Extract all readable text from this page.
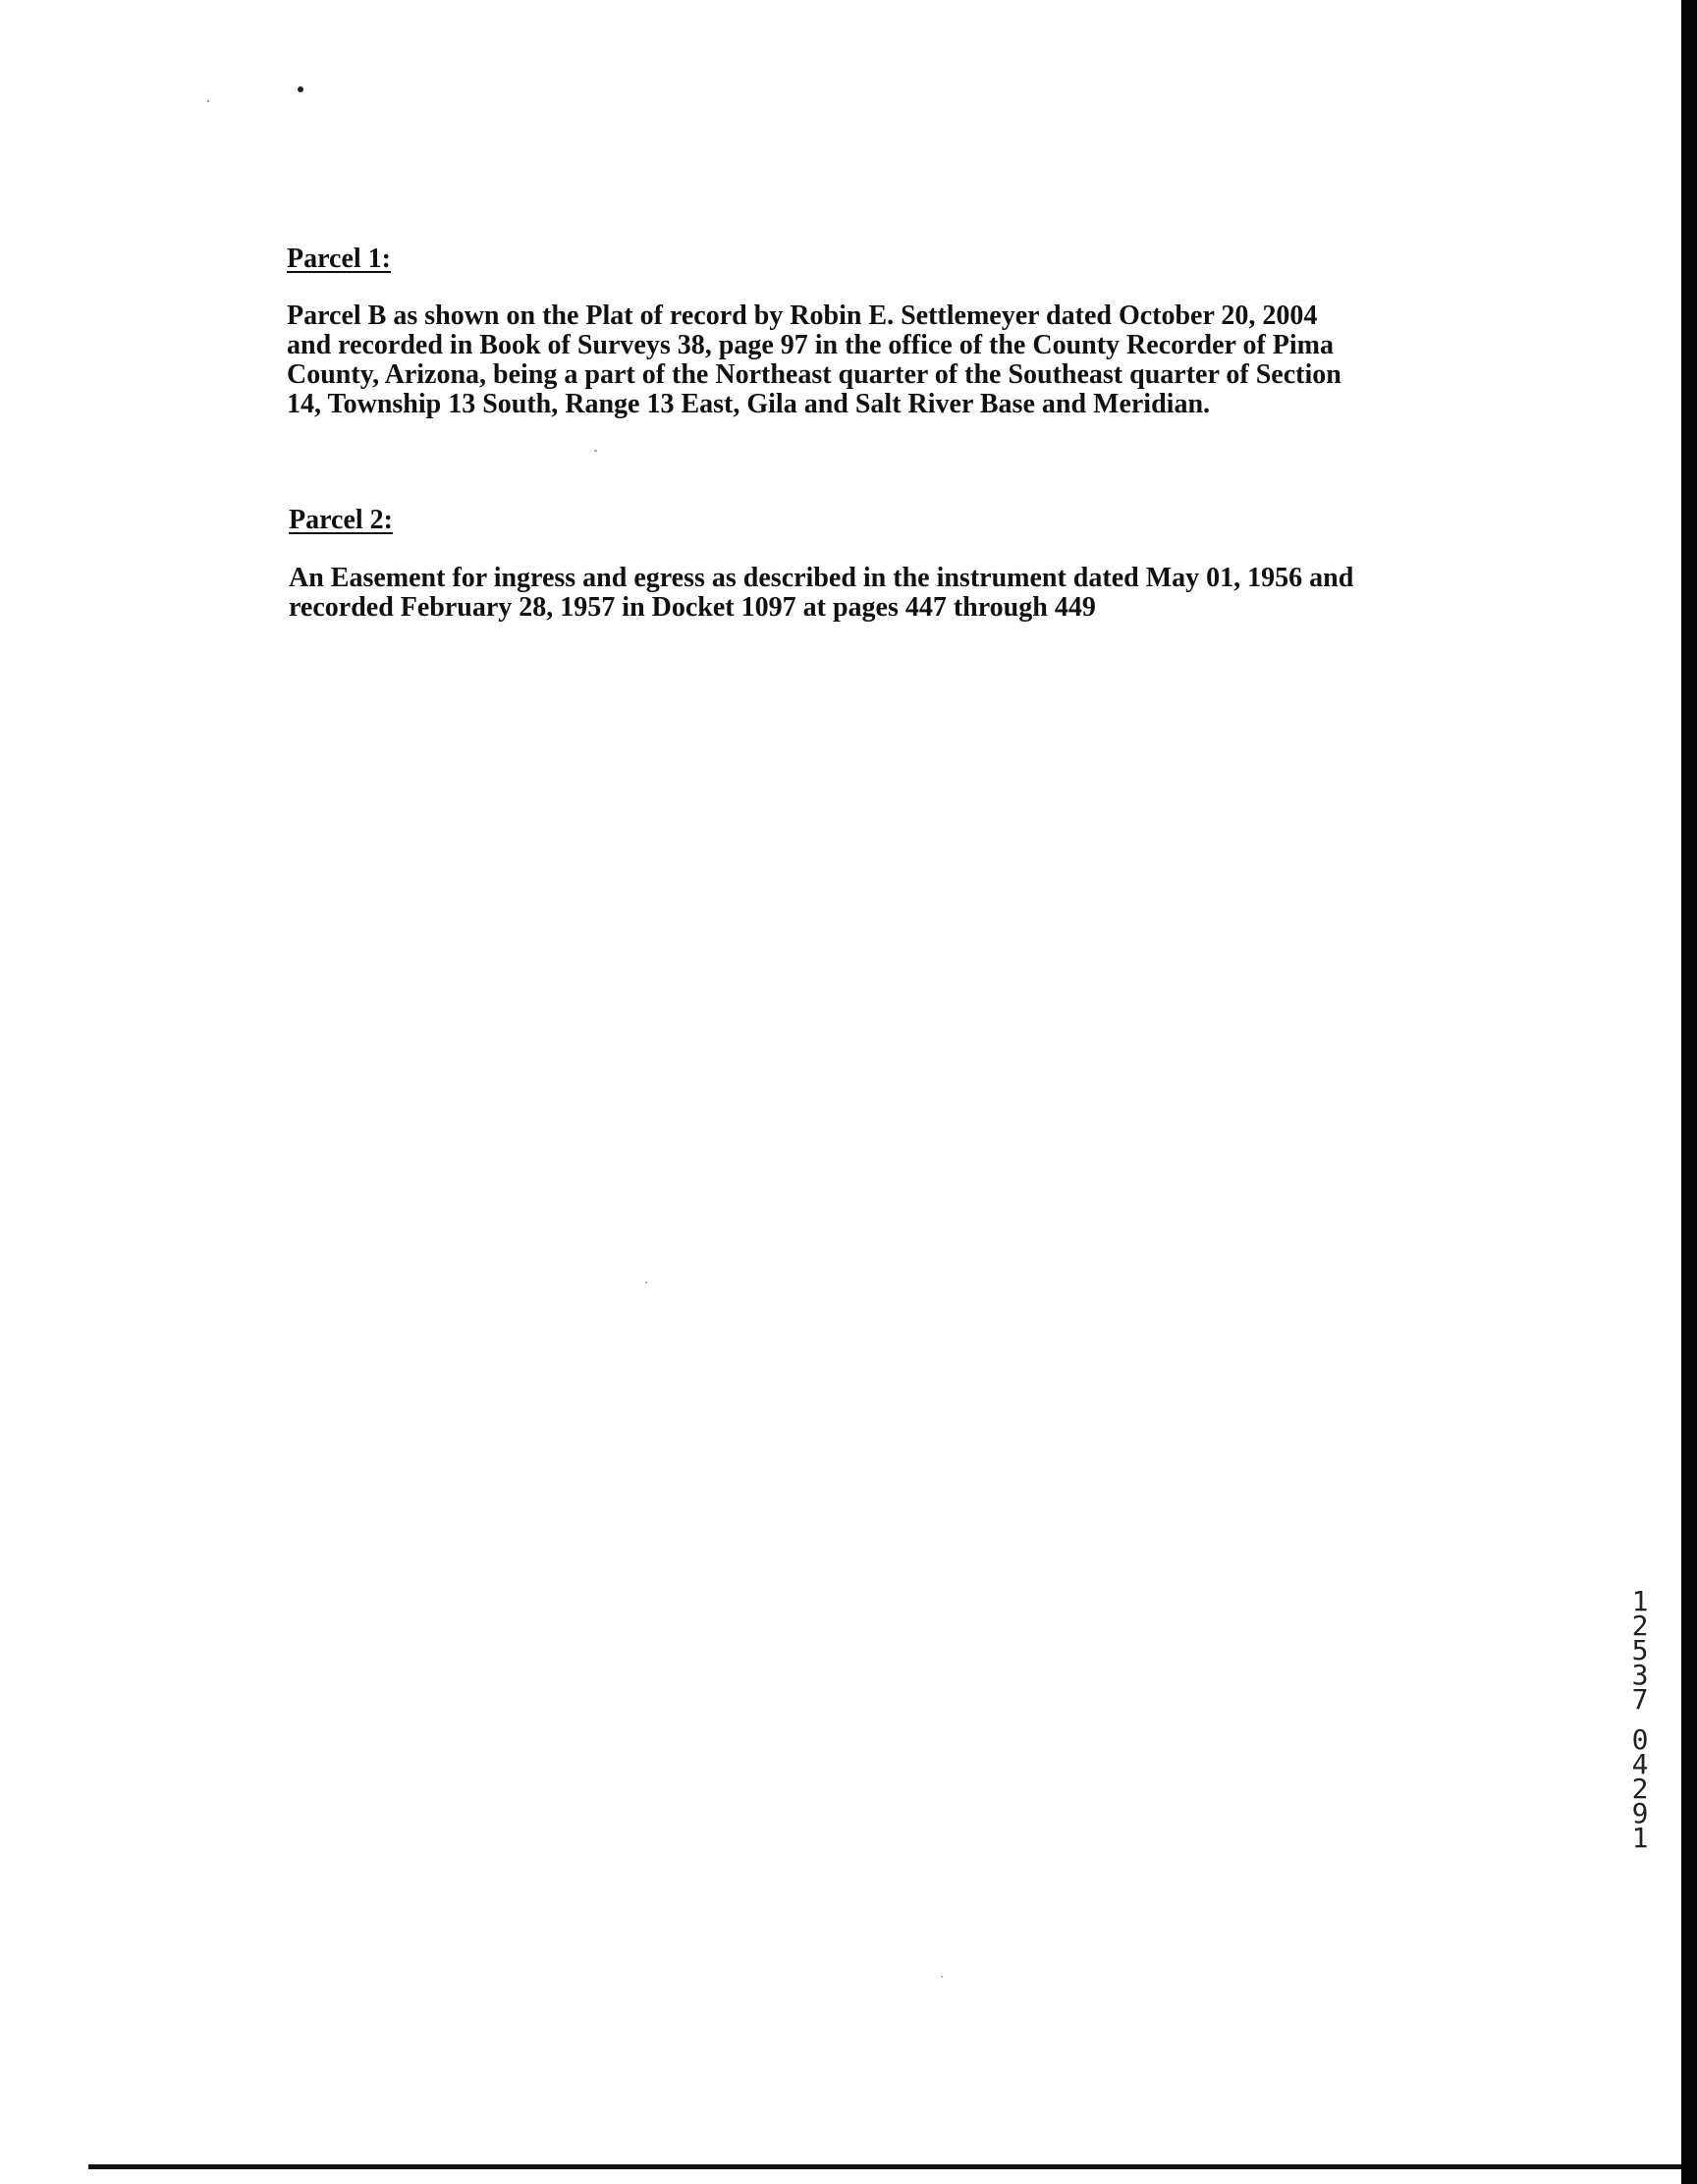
Parcel 1:

Parcel B as shown on the Plat of record by Robin E. Settlemeyer dated October 20, 2004
and recorded in Book of Surveys 38, page 97 in the office of the County Recorder of Pima
County, Arizona, being a part of the Northeast quarter of the Southeast quarter of Section
14, Township 13 South, Range 13 East, Gila and Salt River Base and Meridian.

Parcel 2:

An Easement for ingress and egress as described in the instrument dated May 01, 1956 and
recorded February 28, 1957 in Docket 1097 at pages 447 through 449

1
2
5
3
7
0
4
2
9
1
